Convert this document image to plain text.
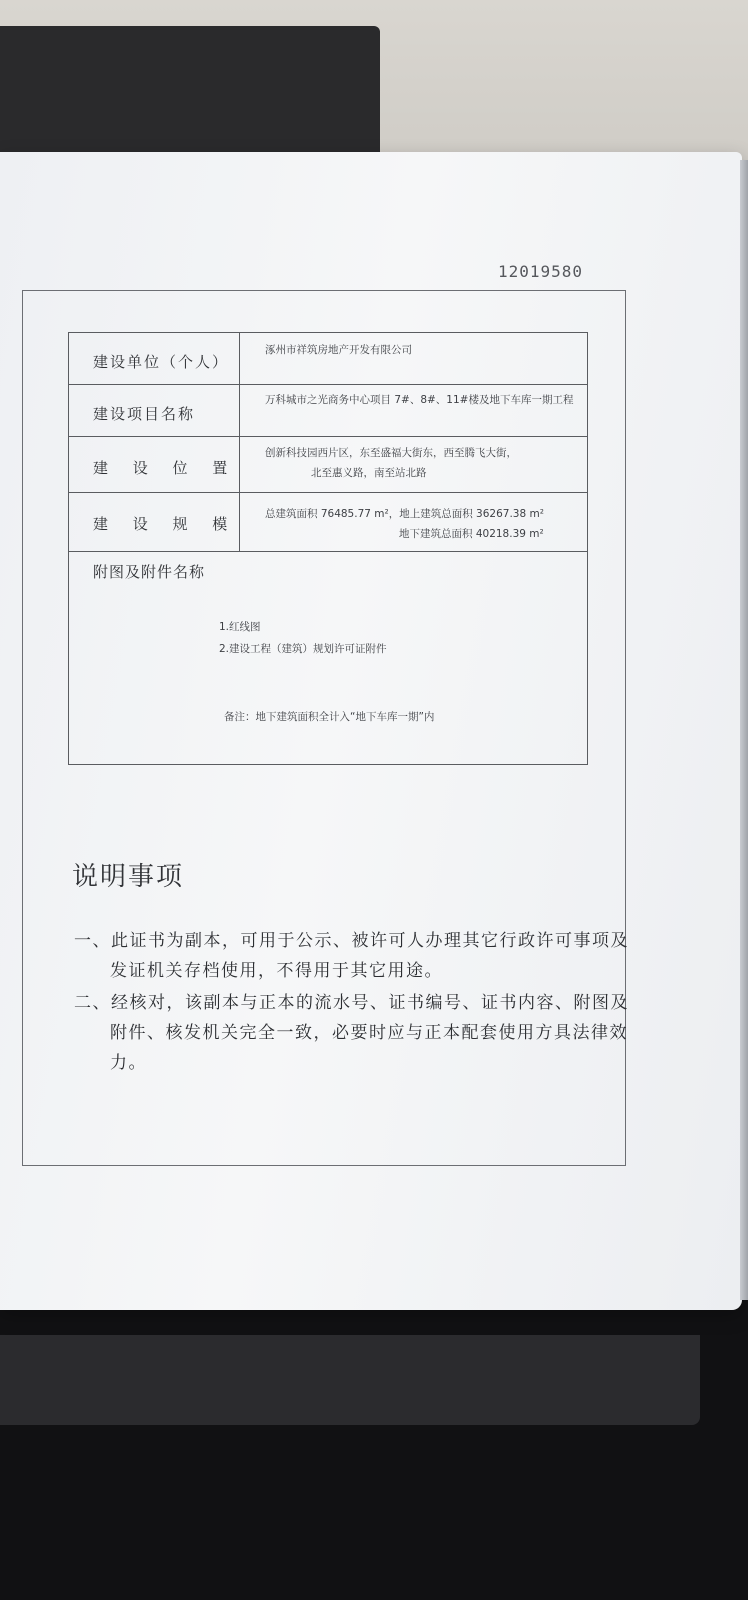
12019580
建设单位（个人）
涿州市祥筑房地产开发有限公司
建设项目名称
万科城市之光商务中心项目 7#、8#、11#楼及地下车库一期工程
建 设 位 置
创新科技园西片区，东至盛福大街东，西至腾飞大街，
北至惠义路，南至站北路
建 设 规 模
总建筑面积 76485.77 m²，地上建筑总面积 36267.38 m²
地下建筑总面积 40218.39 m²
附图及附件名称
1.红线图
2.建设工程（建筑）规划许可证附件
备注：地下建筑面积全计入“地下车库一期”内
说明事项
一、此证书为副本，可用于公示、被许可人办理其它行政许可事项及
发证机关存档使用，不得用于其它用途。
二、经核对，该副本与正本的流水号、证书编号、证书内容、附图及
附件、核发机关完全一致，必要时应与正本配套使用方具法律效
力。
